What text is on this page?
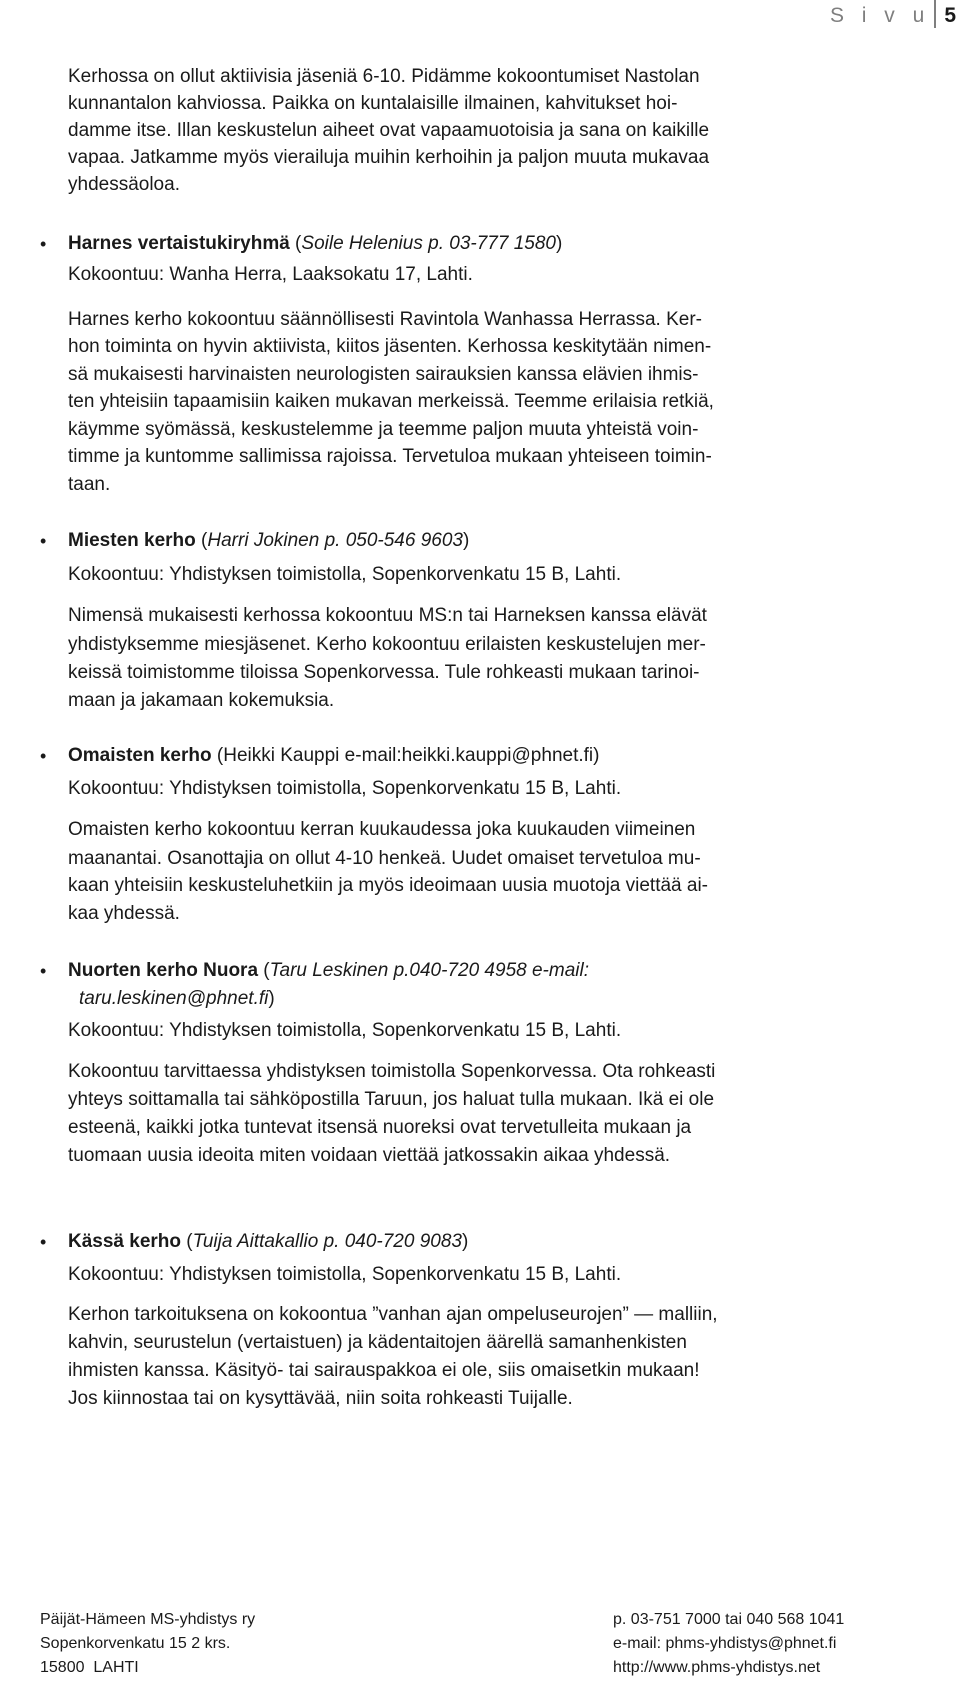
S i v u 5
Kerhossa on ollut aktiivisia jäseniä 6-10. Pidämme kokoontumiset Nastolan
kunnantalon kahviossa. Paikka on kuntalaisille ilmainen, kahvitukset hoi-
damme itse. Illan keskustelun aiheet ovat vapaamuotoisia ja sana on kaikille
vapaa. Jatkamme myös vierailuja muihin kerhoihin ja paljon muuta mukavaa
yhdessäoloa.
• Harnes vertaistukiryhmä (Soile Helenius p. 03-777 1580)
Kokoontuu: Wanha Herra, Laaksokatu 17, Lahti.
Harnes kerho kokoontuu säännöllisesti Ravintola Wanhassa Herrassa. Ker-
hon toiminta on hyvin aktiivista, kiitos jäsenten. Kerhossa keskitytään nimen-
sä mukaisesti harvinaisten neurologisten sairauksien kanssa elävien ihmis-
ten yhteisiin tapaamisiin kaiken mukavan merkeissä. Teemme erilaisia retkiä,
käymme syömässä, keskustelemme ja teemme paljon muuta yhteistä voin-
timme ja kuntomme sallimissa rajoissa. Tervetuloa mukaan yhteiseen toimin-
taan.
• Miesten kerho (Harri Jokinen p. 050-546 9603)
Kokoontuu: Yhdistyksen toimistolla, Sopenkorvenkatu 15 B, Lahti.
Nimensä mukaisesti kerhossa kokoontuu MS:n tai Harneksen kanssa elävät
yhdistyksemme miesjäsenet. Kerho kokoontuu erilaisten keskustelujen mer-
keissä toimistomme tiloissa Sopenkorvessa. Tule rohkeasti mukaan tarinoi-
maan ja jakamaan kokemuksia.
• Omaisten kerho (Heikki Kauppi e-mail:heikki.kauppi@phnet.fi)
Kokoontuu: Yhdistyksen toimistolla, Sopenkorvenkatu 15 B, Lahti.
Omaisten kerho kokoontuu kerran kuukaudessa joka kuukauden viimeinen
maanantai. Osanottajia on ollut 4-10 henkeä. Uudet omaiset tervetuloa mu-
kaan yhteisiin keskusteluhetkiin ja myös ideoimaan uusia muotoja viettää ai-
kaa yhdessä.
• Nuorten kerho Nuora (Taru Leskinen p.040-720 4958 e-mail:
taru.leskinen@phnet.fi)
Kokoontuu: Yhdistyksen toimistolla, Sopenkorvenkatu 15 B, Lahti.
Kokoontuu tarvittaessa yhdistyksen toimistolla Sopenkorvessa. Ota rohkeasti
yhteys soittamalla tai sähköpostilla Taruun, jos haluat tulla mukaan. Ikä ei ole
esteenä, kaikki jotka tuntevat itsensä nuoreksi ovat tervetulleita mukaan ja
tuomaan uusia ideoita miten voidaan viettää jatkossakin aikaa yhdessä.
• Kässä kerho (Tuija Aittakallio p. 040-720 9083)
Kokoontuu: Yhdistyksen toimistolla, Sopenkorvenkatu 15 B, Lahti.
Kerhon tarkoituksena on kokoontua ”vanhan ajan ompeluseurojen” — malliin,
kahvin, seurustelun (vertaistuen) ja kädentaitojen äärellä samanhenkisten
ihmisten kanssa. Käsityö- tai sairauspakkoa ei ole, siis omaisetkin mukaan!
Jos kiinnostaa tai on kysyttävää, niin soita rohkeasti Tuijalle.
Päijät-Hämeen MS-yhdistys ry
Sopenkorvenkatu 15 2 krs.
15800  LAHTI
p. 03-751 7000 tai 040 568 1041
e-mail: phms-yhdistys@phnet.fi
http://www.phms-yhdistys.net
